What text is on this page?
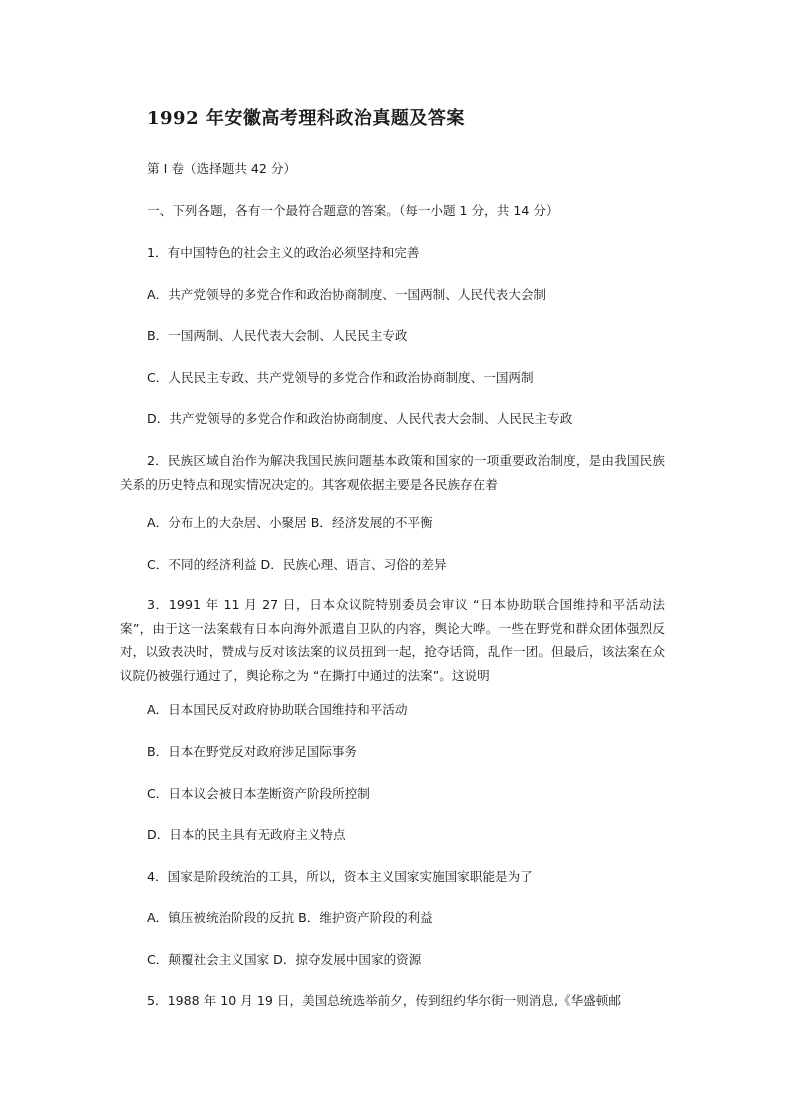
1992 年安徽高考理科政治真题及答案
第 I 卷（选择题共 42 分）
一、下列各题，各有一个最符合题意的答案。（每一小题 1 分，共 14 分）
1．有中国特色的社会主义的政治必须坚持和完善
A．共产党领导的多党合作和政治协商制度、一国两制、人民代表大会制
B．一国两制、人民代表大会制、人民民主专政
C．人民民主专政、共产党领导的多党合作和政治协商制度、一国两制
D．共产党领导的多党合作和政治协商制度、人民代表大会制、人民民主专政
2．民族区域自治作为解决我国民族问题基本政策和国家的一项重要政治制度，是由我国民族关系的历史特点和现实情况决定的。其客观依据主要是各民族存在着
A．分布上的大杂居、小聚居 B．经济发展的不平衡
C．不同的经济利益 D．民族心理、语言、习俗的差异
3．1991 年 11 月 27 日，日本众议院特别委员会审议 “日本协助联合国维持和平活动法案”，由于这一法案载有日本向海外派遣自卫队的内容，舆论大哗。一些在野党和群众团体强烈反对，以致表决时，赞成与反对该法案的议员扭到一起，抢夺话筒，乱作一团。但最后，该法案在众议院仍被强行通过了，舆论称之为 “在撕打中通过的法案”。这说明
A．日本国民反对政府协助联合国维持和平活动
B．日本在野党反对政府涉足国际事务
C．日本议会被日本垄断资产阶段所控制
D．日本的民主具有无政府主义特点
4．国家是阶段统治的工具，所以，资本主义国家实施国家职能是为了
A．镇压被统治阶段的反抗 B．维护资产阶段的利益
C．颠覆社会主义国家 D．掠夺发展中国家的资源
5．1988 年 10 月 19 日，美国总统选举前夕，传到纽约华尔街一则消息,《华盛顿邮
